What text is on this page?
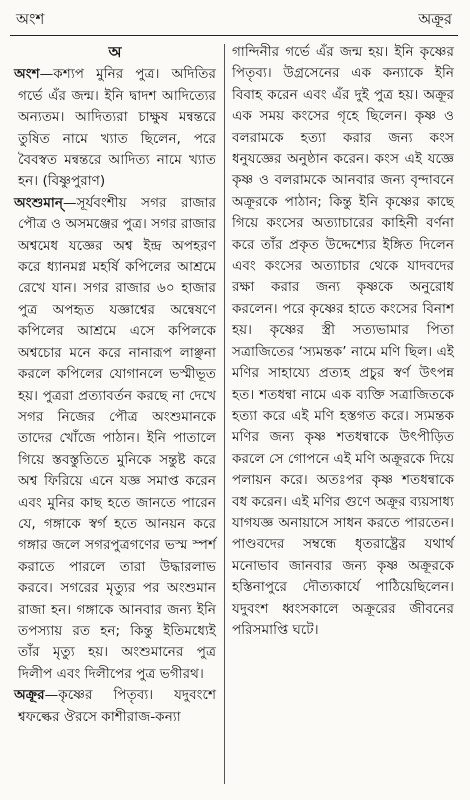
অংশ	অক্রূর
অ

অংশ—কশ্যপ মুনির পুত্র। অদিতির গর্ভে এঁর জন্ম। ইনি দ্বাদশ আদিত্যের অন্যতম। আদিত্যরা চাক্ষুষ মন্বন্তরে তুষিত নামে খ্যাত ছিলেন, পরে বৈবস্বত মন্বন্তরে আদিত্য নামে খ্যাত হন। (বিষ্ণুপুরাণ)

অংশুমান্—সূর্যবংশীয় সগর রাজার পৌত্র ও অসমঞ্জের পুত্র। সগর রাজার অশ্বমেধ যজ্ঞের অশ্ব ইন্দ্র অপহরণ করে ধ্যানমগ্ন মহর্ষি কপিলের আশ্রমে রেখে যান। সগর রাজার ৬০ হাজার পুত্র অপহৃত যজ্ঞাশ্বের অন্বেষণে কপিলের আশ্রমে এসে কপিলকে অশ্বচোর মনে করে নানারূপ লাঞ্ছনা করলে কপিলের যোগানলে ভস্মীভূত হয়। পুত্ররা প্রত্যাবর্তন করছে না দেখে সগর নিজের পৌত্র অংশুমানকে তাদের খোঁজে পাঠান। ইনি পাতালে গিয়ে স্তবস্তুতিতে মুনিকে সন্তুষ্ট করে অশ্ব ফিরিয়ে এনে যজ্ঞ সমাপ্ত করেন এবং মুনির কাছ হতে জানতে পারেন যে, গঙ্গাকে স্বর্গ হতে আনয়ন করে গঙ্গার জলে সগরপুত্রগণের ভস্ম স্পর্শ করাতে পারলে তারা উদ্ধারলাভ করবে। সগরের মৃত্যুর পর অংশুমান রাজা হন। গঙ্গাকে আনবার জন্য ইনি তপস্যায় রত হন; কিন্তু ইতিমধ্যেই তাঁর মৃত্যু হয়। অংশুমানের পুত্র দিলীপ এবং দিলীপের পুত্র ভগীরথ।

অক্রূর—কৃষ্ণের পিতৃব্য। যদুবংশে শ্বফল্কের ঔরসে কাশীরাজ-কন্যা

গান্দিনীর গর্ভে এঁর জন্ম হয়। ইনি কৃষ্ণের পিতৃব্য। উগ্রসেনের এক কন্যাকে ইনি বিবাহ করেন এবং এঁর দুই পুত্র হয়। অক্রূর এক সময় কংসের গৃহে ছিলেন। কৃষ্ণ ও বলরামকে হত্যা করার জন্য কংস ধনুযজ্ঞের অনুষ্ঠান করেন। কংস এই যজ্ঞে কৃষ্ণ ও বলরামকে আনবার জন্য বৃন্দাবনে অক্রূরকে পাঠান; কিন্তু ইনি কৃষ্ণের কাছে গিয়ে কংসের অত্যাচারের কাহিনী বর্ণনা করে তাঁর প্রকৃত উদ্দেশ্যের ইঙ্গিত দিলেন এবং কংসের অত্যাচার থেকে যাদবদের রক্ষা করার জন্য কৃষ্ণকে অনুরোধ করলেন। পরে কৃষ্ণের হাতে কংসের বিনাশ হয়। কৃষ্ণের স্ত্রী সত্যভামার পিতা সত্রাজিতের ‘স্যমন্তক’ নামে মণি ছিল। এই মণির সাহায্যে প্রত্যহ প্রচুর স্বর্ণ উৎপন্ন হত। শতধন্বা নামে এক ব্যক্তি সত্রাজিতকে হত্যা করে এই মণি হস্তগত করে। স্যমন্তক মণির জন্য কৃষ্ণ শতধন্বাকে উৎপীড়িত করলে সে গোপনে এই মণি অক্রূরকে দিয়ে পলায়ন করে। অতঃপর কৃষ্ণ শতধন্বাকে বধ করেন। এই মণির গুণে অক্রূর ব্যয়সাধ্য যাগযজ্ঞ অনায়াসে সাধন করতে পারতেন। পাণ্ডবদের সম্বন্ধে ধৃতরাষ্ট্রের যথার্থ মনোভাব জানবার জন্য কৃষ্ণ অক্রূরকে হস্তিনাপুরে দৌত্যকার্যে পাঠিয়েছিলেন। যদুবংশ ধ্বংসকালে অক্রূরের জীবনের পরিসমাপ্তি ঘটে।
